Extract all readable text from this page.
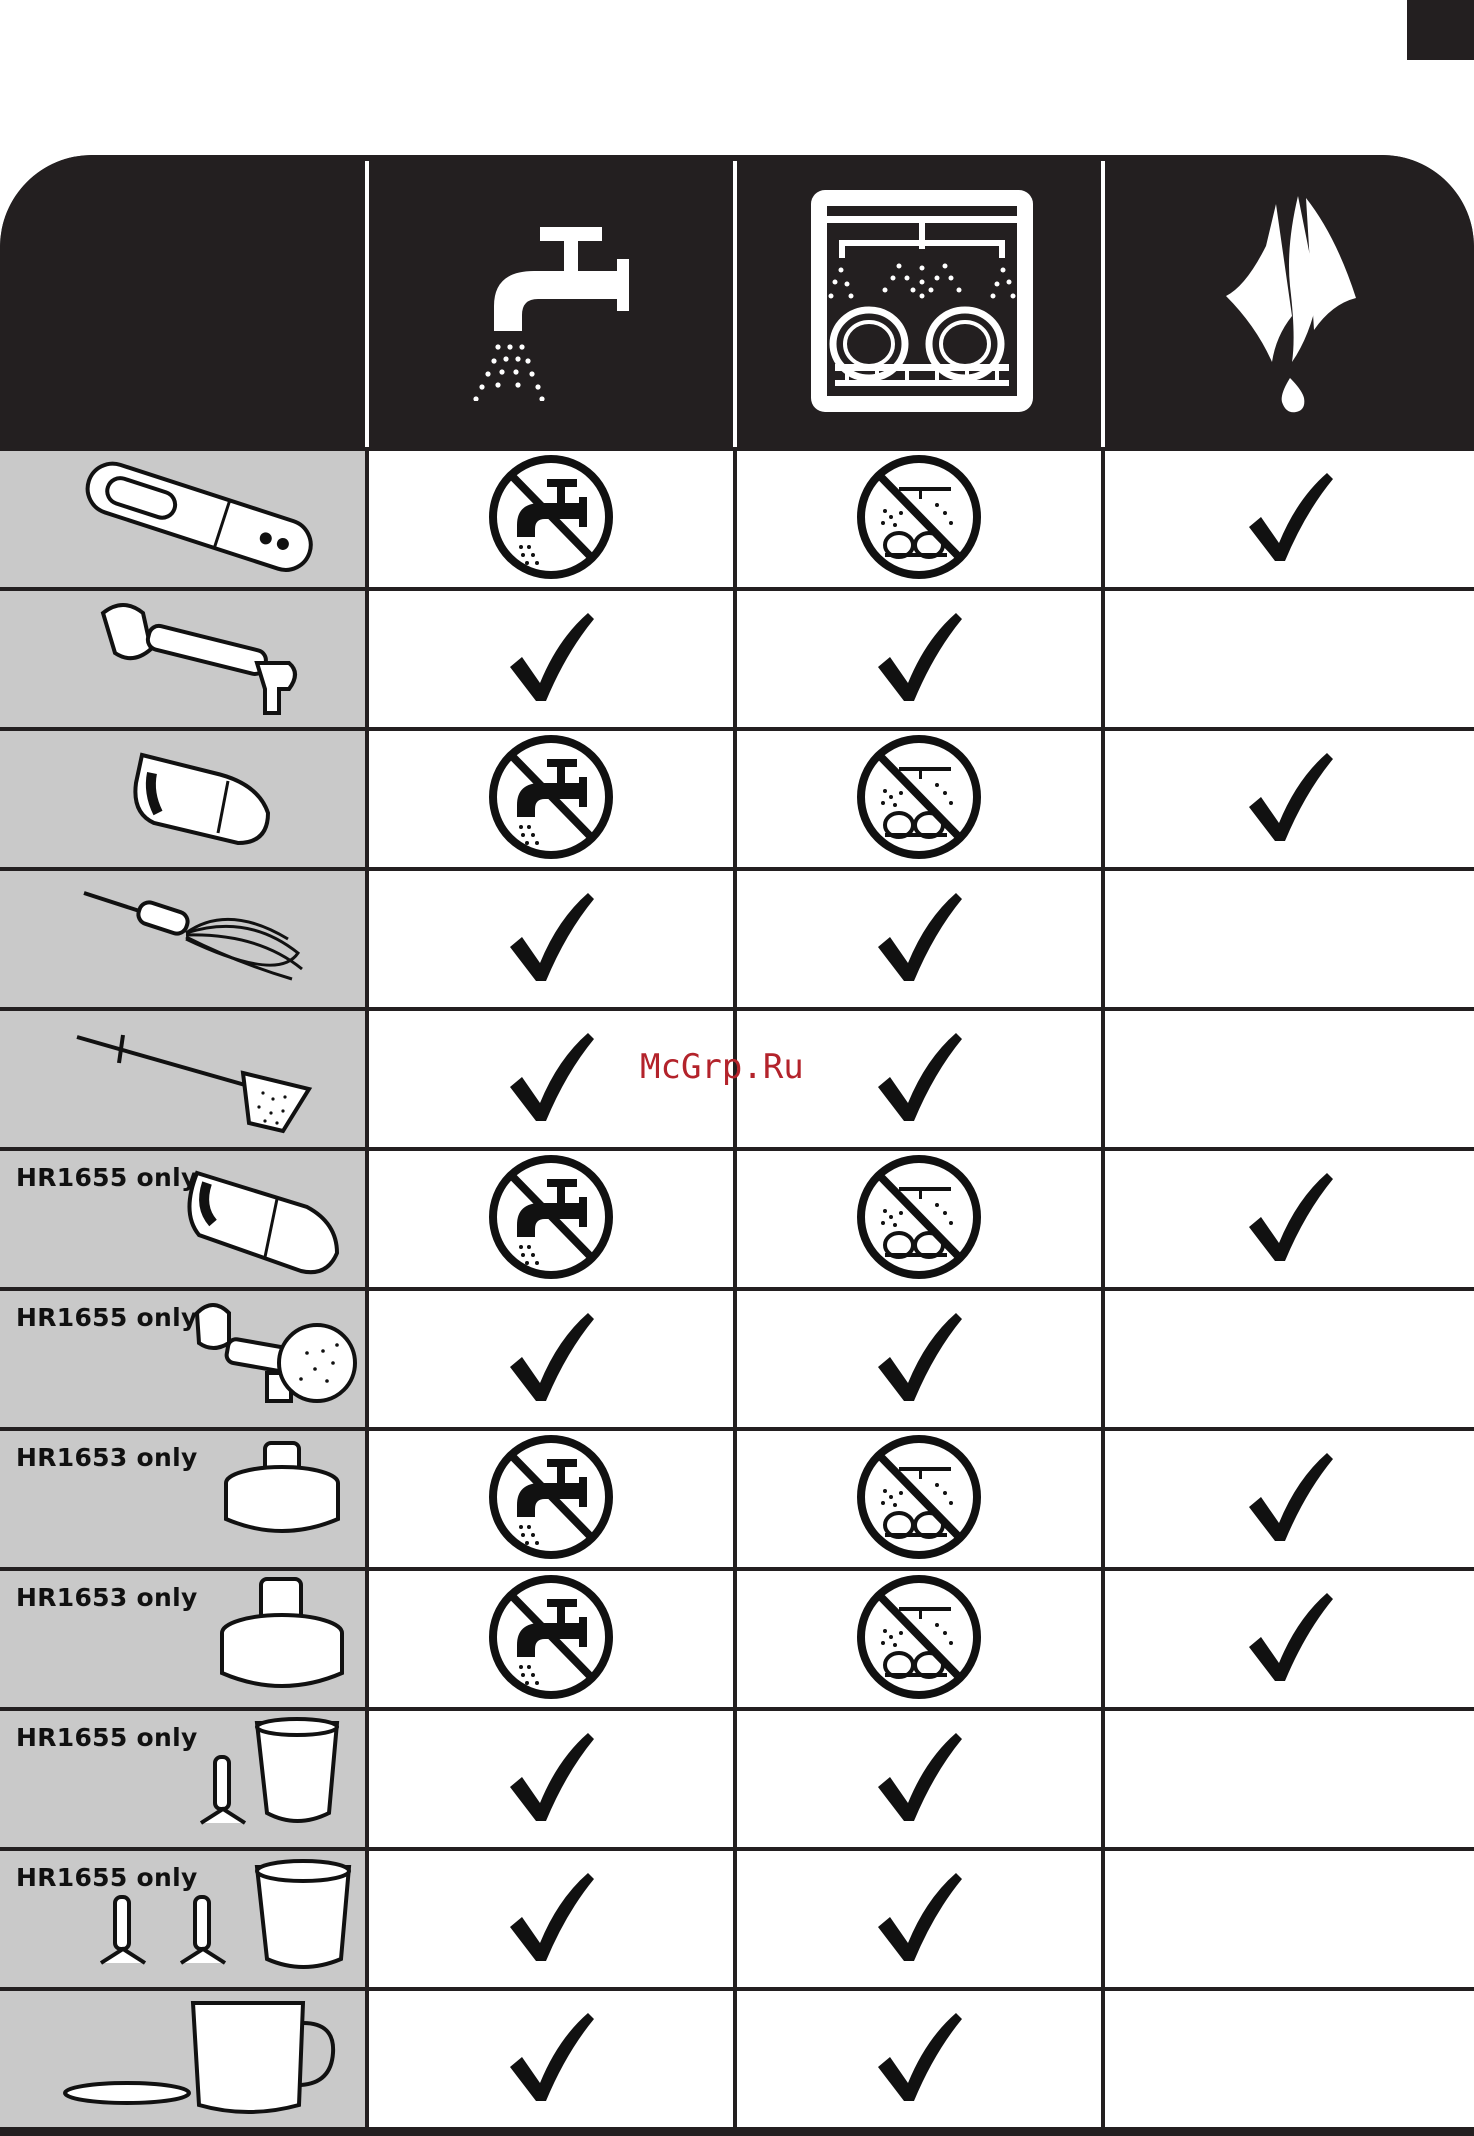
HR1655 only
HR1655 only
HR1653 only
HR1653 only
HR1655 only
HR1655 only
McGrp.Ru
